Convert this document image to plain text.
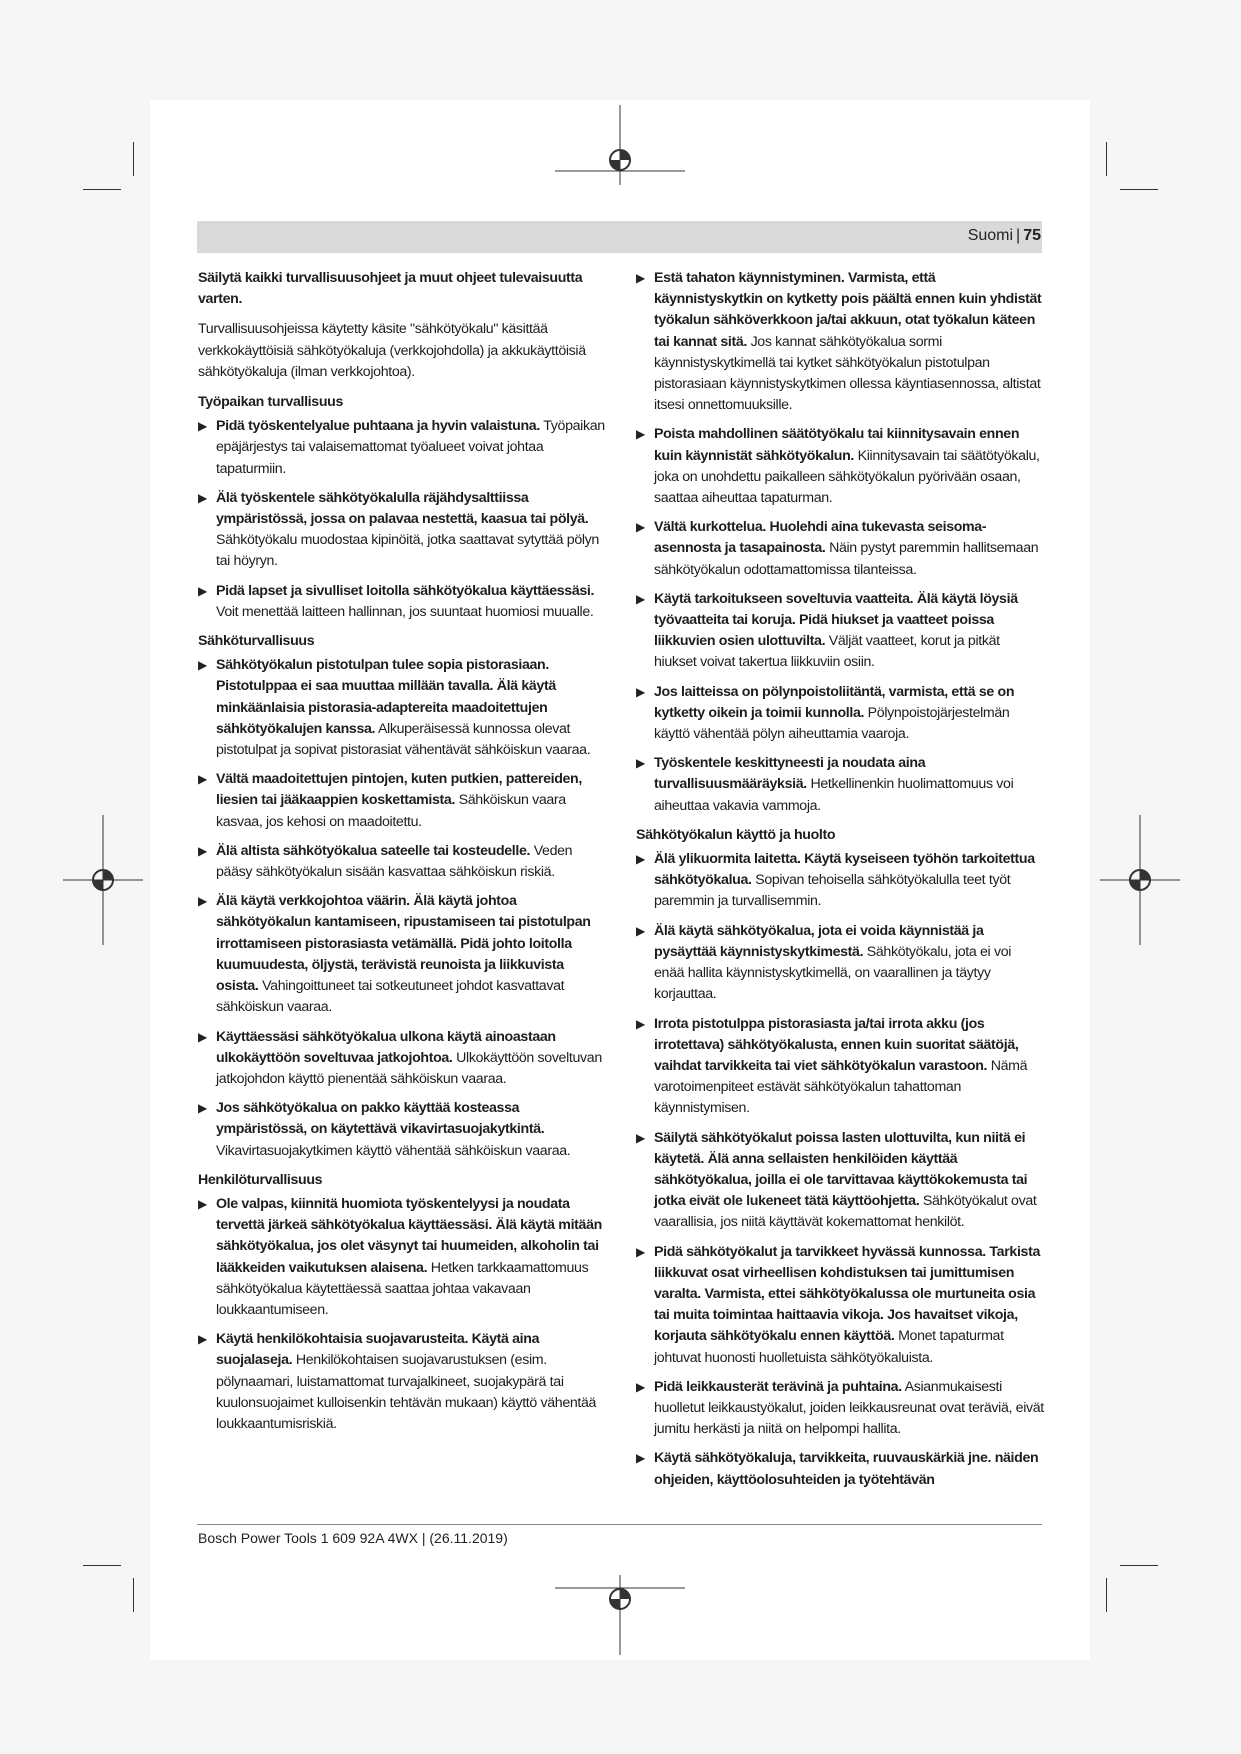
Suomi | 75
Säilytä kaikki turvallisuusohjeet ja muut ohjeet tulevaisuutta varten.
Turvallisuusohjeissa käytetty käsite "sähkötyökalu" käsittää verkkokäyttöisiä sähkötyökaluja (verkkojohdolla) ja akkukäyttöisiä sähkötyökaluja (ilman verkkojohtoa).
Työpaikan turvallisuus
▶ Pidä työskentelyalue puhtaana ja hyvin valaistuna. Työpaikan epäjärjestys tai valaisemattomat työalueet voivat johtaa tapaturmiin.
▶ Älä työskentele sähkötyökalulla räjähdysalttiissa ympäristössä, jossa on palavaa nestettä, kaasua tai pölyä. Sähkötyökalu muodostaa kipinöitä, jotka saattavat sytyttää pölyn tai höyryn.
▶ Pidä lapset ja sivulliset loitolla sähkötyökalua käyttäessäsi. Voit menettää laitteen hallinnan, jos suuntaat huomiosi muualle.
Sähköturvallisuus
▶ Sähkötyökalun pistotulpan tulee sopia pistorasiaan. Pistotulppaa ei saa muuttaa millään tavalla. Älä käytä minkäänlaisia pistorasia-adaptereita maadoitettujen sähkötyökalujen kanssa. Alkuperäisessä kunnossa olevat pistotulpat ja sopivat pistorasiat vähentävät sähköiskun vaaraa.
▶ Vältä maadoitettujen pintojen, kuten putkien, pattereiden, liesien tai jääkaappien koskettamista. Sähköiskun vaara kasvaa, jos kehosi on maadoitettu.
▶ Älä altista sähkötyökalua sateelle tai kosteudelle. Veden pääsy sähkötyökalun sisään kasvattaa sähköiskun riskiä.
▶ Älä käytä verkkojohtoa väärin. Älä käytä johtoa sähkötyökalun kantamiseen, ripustamiseen tai pistotulpan irrottamiseen pistorasiasta vetämällä. Pidä johto loitolla kuumuudesta, öljystä, terävistä reunoista ja liikkuvista osista. Vahingoittuneet tai sotkeutuneet johdot kasvattavat sähköiskun vaaraa.
▶ Käyttäessäsi sähkötyökalua ulkona käytä ainoastaan ulkokäyttöön soveltuvaa jatkojohtoa. Ulkokäyttöön soveltuvan jatkojohdon käyttö pienentää sähköiskun vaaraa.
▶ Jos sähkötyökalua on pakko käyttää kosteassa ympäristössä, on käytettävä vikavirtasuojakytkintä. Vikavirtasuojakytkimen käyttö vähentää sähköiskun vaaraa.
Henkilöturvallisuus
▶ Ole valpas, kiinnitä huomiota työskentelyysi ja noudata tervettä järkeä sähkötyökalua käyttäessäsi. Älä käytä mitään sähkötyökalua, jos olet väsynyt tai huumeiden, alkoholin tai lääkkeiden vaikutuksen alaisena. Hetken tarkkaamattomuus sähkötyökalua käytettäessä saattaa johtaa vakavaan loukkaantumiseen.
▶ Käytä henkilökohtaisia suojavarusteita. Käytä aina suojalaseja. Henkilökohtaisen suojavarustuksen (esim. pölynaamari, luistamattomat turvajalkineet, suojakypärä tai kuulonsuojaimet kulloisenkin tehtävän mukaan) käyttö vähentää loukkaantumisriskiä.
▶ Estä tahaton käynnistyminen. Varmista, että käynnistyskytkin on kytketty pois päältä ennen kuin yhdistät työkalun sähköverkkoon ja/tai akkuun, otat työkalun käteen tai kannat sitä. Jos kannat sähkötyökalua sormi käynnistyskytkimellä tai kytket sähkötyökalun pistotulpan pistorasiaan käynnistyskytkimen ollessa käyntiasennossa, altistat itsesi onnettomuuksille.
▶ Poista mahdollinen säätötyökalu tai kiinnitysavain ennen kuin käynnistät sähkötyökalun. Kiinnitysavain tai säätötyökalu, joka on unohdettu paikalleen sähkötyökalun pyörivään osaan, saattaa aiheuttaa tapaturman.
▶ Vältä kurkottelua. Huolehdi aina tukevasta seisoma-asennosta ja tasapainosta. Näin pystyt paremmin hallitsemaan sähkötyökalun odottamattomissa tilanteissa.
▶ Käytä tarkoitukseen soveltuvia vaatteita. Älä käytä löysiä työvaatteita tai koruja. Pidä hiukset ja vaatteet poissa liikkuvien osien ulottuvilta. Väljät vaatteet, korut ja pitkät hiukset voivat takertua liikkuviin osiin.
▶ Jos laitteissa on pölynpoistoliitäntä, varmista, että se on kytketty oikein ja toimii kunnolla. Pölynpoistojärjestelmän käyttö vähentää pölyn aiheuttamia vaaroja.
▶ Työskentele keskittyneesti ja noudata aina turvallisuusmääräyksiä. Hetkellinenkin huolimattomuus voi aiheuttaa vakavia vammoja.
Sähkötyökalun käyttö ja huolto
▶ Älä ylikuormita laitetta. Käytä kyseiseen työhön tarkoitettua sähkötyökalua. Sopivan tehoisella sähkötyökalulla teet työt paremmin ja turvallisemmin.
▶ Älä käytä sähkötyökalua, jota ei voida käynnistää ja pysäyttää käynnistyskytkimestä. Sähkötyökalu, jota ei voi enää hallita käynnistyskytkimellä, on vaarallinen ja täytyy korjauttaa.
▶ Irrota pistotulppa pistorasiasta ja/tai irrota akku (jos irrotettava) sähkötyökalusta, ennen kuin suoritat säätöjä, vaihdat tarvikkeita tai viet sähkötyökalun varastoon. Nämä varotoimenpiteet estävät sähkötyökalun tahattoman käynnistymisen.
▶ Säilytä sähkötyökalut poissa lasten ulottuvilta, kun niitä ei käytetä. Älä anna sellaisten henkilöiden käyttää sähkötyökalua, joilla ei ole tarvittavaa käyttökokemusta tai jotka eivät ole lukeneet tätä käyttöohjetta. Sähkötyökalut ovat vaarallisia, jos niitä käyttävät kokemattomat henkilöt.
▶ Pidä sähkötyökalut ja tarvikkeet hyvässä kunnossa. Tarkista liikkuvat osat virheellisen kohdistuksen tai jumittumisen varalta. Varmista, ettei sähkötyökalussa ole murtuneita osia tai muita toimintaa haittaavia vikoja. Jos havaitset vikoja, korjauta sähkötyökalu ennen käyttöä. Monet tapaturmat johtuvat huonosti huolletuista sähkötyökaluista.
▶ Pidä leikkausterät terävinä ja puhtaina. Asianmukaisesti huolletut leikkaustyökalut, joiden leikkausreunat ovat teräviä, eivät jumitu herkästi ja niitä on helpompi hallita.
▶ Käytä sähkötyökaluja, tarvikkeita, ruuvauskärkiä jne. näiden ohjeiden, käyttöolosuhteiden ja työtehtävän
Bosch Power Tools 1 609 92A 4WX | (26.11.2019)
